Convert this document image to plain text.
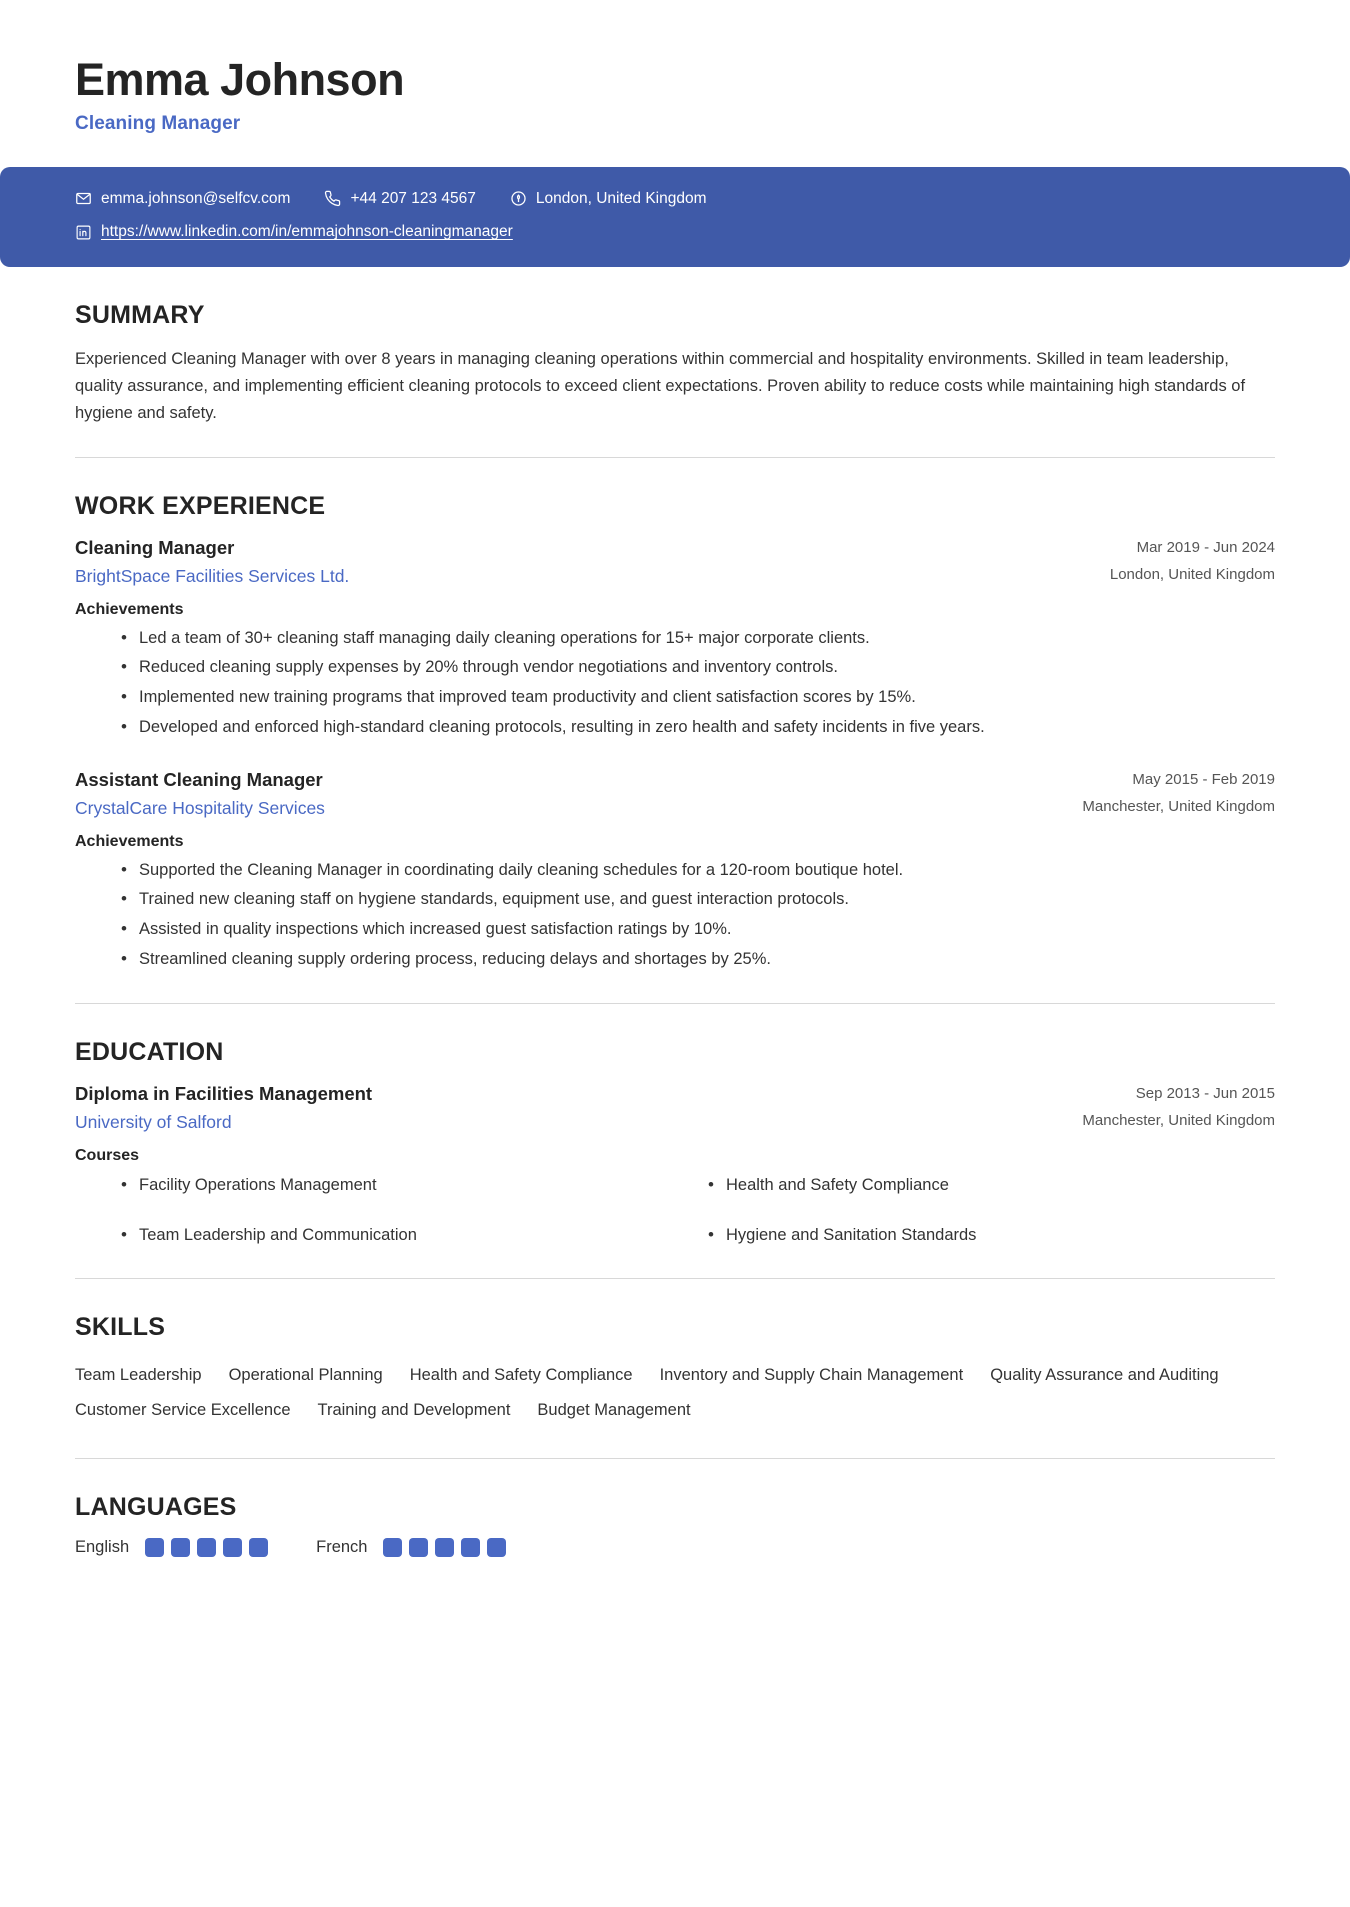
Emma Johnson
Cleaning Manager
emma.johnson@selfcv.com	+44 207 123 4567	London, United Kingdom
https://www.linkedin.com/in/emmajohnson-cleaningmanager
SUMMARY

Experienced Cleaning Manager with over 8 years in managing cleaning operations within commercial and hospitality environments. Skilled in team leadership, quality assurance, and implementing efficient cleaning protocols to exceed client expectations. Proven ability to reduce costs while maintaining high standards of hygiene and safety.

WORK EXPERIENCE
Cleaning Manager
BrightSpace Facilities Services Ltd.
Mar 2019 - Jun 2024
London, United Kingdom
Achievements
• Led a team of 30+ cleaning staff managing daily cleaning operations for 15+ major corporate clients.
• Reduced cleaning supply expenses by 20% through vendor negotiations and inventory controls.
• Implemented new training programs that improved team productivity and client satisfaction scores by 15%.
• Developed and enforced high-standard cleaning protocols, resulting in zero health and safety incidents in five years.
Assistant Cleaning Manager
CrystalCare Hospitality Services
May 2015 - Feb 2019
Manchester, United Kingdom
Achievements
• Supported the Cleaning Manager in coordinating daily cleaning schedules for a 120-room boutique hotel.
• Trained new cleaning staff on hygiene standards, equipment use, and guest interaction protocols.
• Assisted in quality inspections which increased guest satisfaction ratings by 10%.
• Streamlined cleaning supply ordering process, reducing delays and shortages by 25%.
EDUCATION
Diploma in Facilities Management
University of Salford
Sep 2013 - Jun 2015
Manchester, United Kingdom
Courses
• Facility Operations Management	• Health and Safety Compliance
• Team Leadership and Communication	• Hygiene and Sanitation Standards
SKILLS
Team Leadership	Operational Planning	Health and Safety Compliance	Inventory and Supply Chain Management	Quality Assurance and Auditing
Customer Service Excellence	Training and Development	Budget Management
LANGUAGES
English	French
